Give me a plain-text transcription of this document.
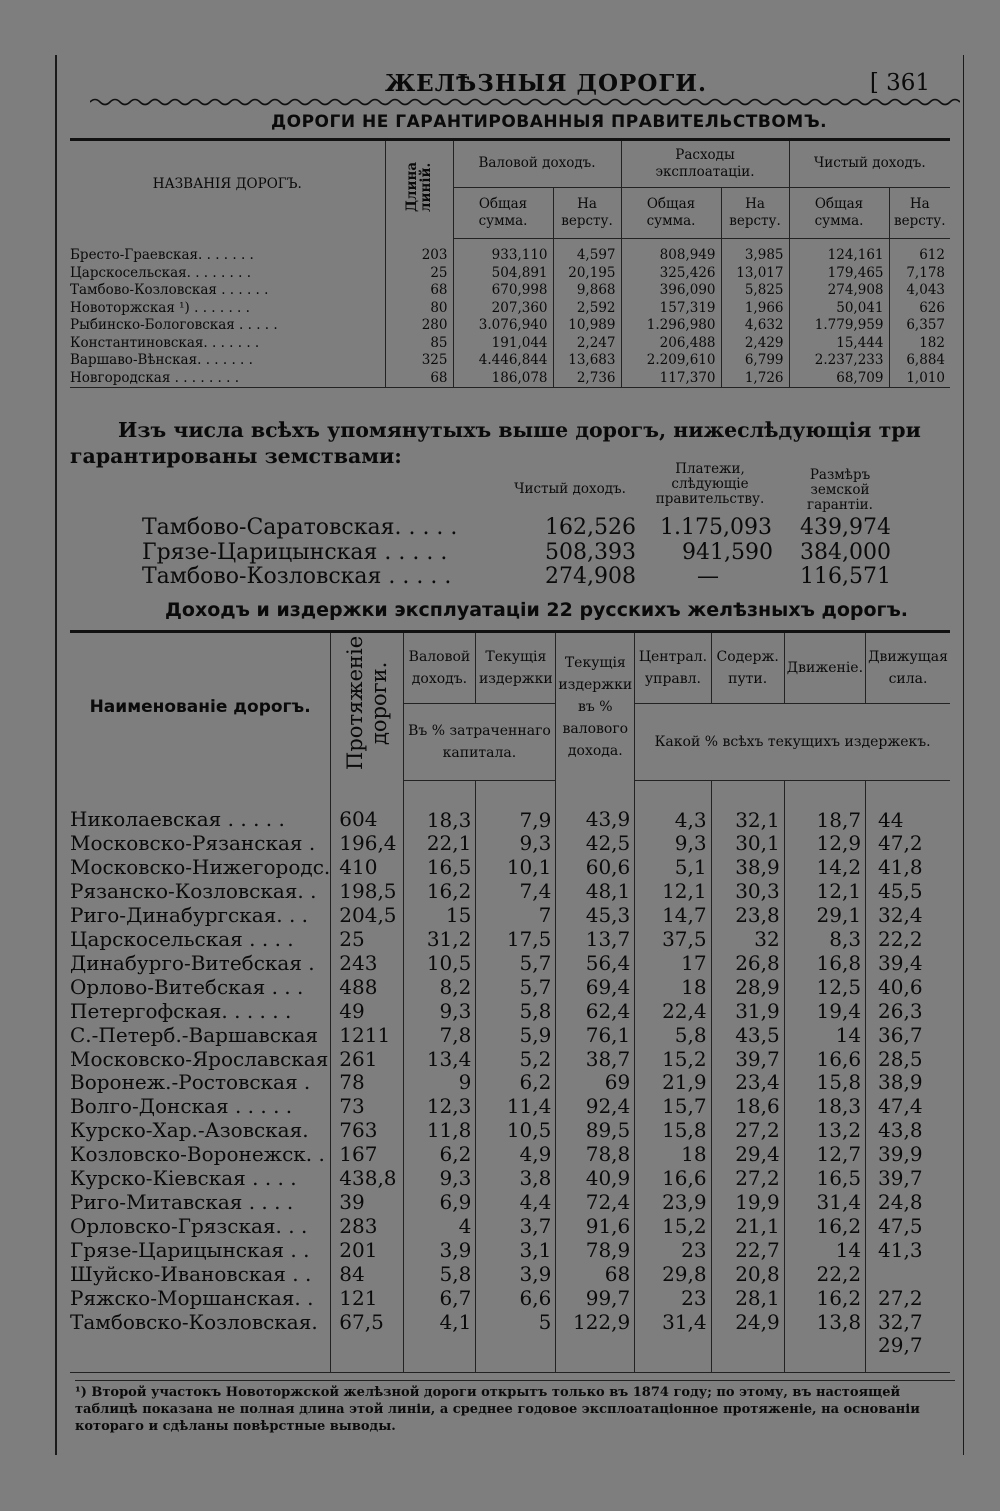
ЖЕЛѢЗНЫЯ ДОРОГИ.	[ 361
ДОРОГИ НЕ ГАРАНТИРОВАННЫЯ ПРАВИТЕЛЬСТВОМЪ.
НАЗВАНІЯ ДОРОГЪ.	Длина линій.	Валовой доходъ.		Расходы эксплоатаціи.		Чистый доходъ.	
		Общая сумма.	На версту.	Общая сумма.	На версту.	Общая сумма.	На версту.
Бресто-Граевская. . . . . . .	203	933,110	4,597	808,949	3,985	124,161	612
Царскосельская. . . . . . . .	25	504,891	20,195	325,426	13,017	179,465	7,178
Тамбово-Козловская . . . . . .	68	670,998	9,868	396,090	5,825	274,908	4,043
Новоторжская ¹) . . . . . . .	80	207,360	2,592	157,319	1,966	50,041	626
Рыбинско-Бологовская . . . . .	280	3.076,940	10,989	1.296,980	4,632	1.779,959	6,357
Константиновская. . . . . . .	85	191,044	2,247	206,488	2,429	15,444	182
Варшаво-Вѣнская. . . . . . .	325	4.446,844	13,683	2.209,610	6,799	2.237,233	6,884
Новгородская . . . . . . . .	68	186,078	2,736	117,370	1,726	68,709	1,010
Изъ числа всѣхъ упомянутыхъ выше дорогъ, нижеслѣдующія три гарантированы земствами:
Чистый доходъ.
Платежи, слѣдующіе правительству.
Размѣръ земской гарантіи.
Тамбово-Саратовская. . . . .	162,526 1.175,093 439,974
Грязе-Царицынская . . . . .	508,393 941,590 384,000
Тамбово-Козловская . . . . .	274,908	—	116,571
Доходъ и издержки эксплуатаціи 22 русскихъ желѣзныхъ дорогъ.
Наименованіе дорогъ.	Протяженіе дороги.	Валовой доходъ.	Текущія издержки	Текущія издержки въ % валового дохода.	Централ. управл.	Содерж. пути.	Движеніе.	Движущая сила.
		Въ % затраченнаго капитала.			Какой % всѣхъ текущихъ издержекъ.			
Николаевская . . . . .	604	18,3	7,9	43,9	4,3	32,1	18,7	44
Московско-Рязанская .	196,4	22,1	9,3	42,5	9,3	30,1	12,9	47,2
Московско-Нижегородс.	410	16,5	10,1	60,6	5,1	38,9	14,2	41,8
Рязанско-Козловская. .	198,5	16,2	7,4	48,1	12,1	30,3	12,1	45,5
Риго-Динабургская. . .	204,5	15	7	45,3	14,7	23,8	29,1	32,4
Царскосельская . . . .	25	31,2	17,5	13,7	37,5	32	8,3	22,2
Динабурго-Витебская .	243	10,5	5,7	56,4	17	26,8	16,8	39,4
Орлово-Витебская . . .	488	8,2	5,7	69,4	18	28,9	12,5	40,6
Петергофская. . . . . .	49	9,3	5,8	62,4	22,4	31,9	19,4	26,3
С.-Петерб.-Варшавская	1211	7,8	5,9	76,1	5,8	43,5	14	36,7
Московско-Ярославская	261	13,4	5,2	38,7	15,2	39,7	16,6	28,5
Воронеж.-Ростовская .	78	9	6,2	69	21,9	23,4	15,8	38,9
Волго-Донская . . . . .	73	12,3	11,4	92,4	15,7	18,6	18,3	47,4
Курско-Хар.-Азовская.	763	11,8	10,5	89,5	15,8	27,2	13,2	43,8
Козловско-Воронежск. .	167	6,2	4,9	78,8	18	29,4	12,7	39,9
Курско-Кіевская . . . .	438,8	9,3	3,8	40,9	16,6	27,2	16,5	39,7
Риго-Митавская . . . .	39	6,9	4,4	72,4	23,9	19,9	31,4	24,8
Орловско-Грязская. . .	283	4	3,7	91,6	15,2	21,1	16,2	47,5
Грязе-Царицынская . .	201	3,9	3,1	78,9	23	22,7	14	41,3
Шуйско-Ивановская . .	84	5,8	3,9	68	29,8	20,8	22,2	
Ряжско-Моршанская. .	121	6,7	6,6	99,7	23	28,1	16,2	27,2
Тамбовско-Козловская.	67,5	4,1	5	122,9	31,4	24,9	13,8	32,7
								29,7
¹) Второй участокъ Новоторжской желѣзной дороги открытъ только въ 1874 году; по этому, въ настоящей таблицѣ показана не полная длина этой линіи, а среднее годовое эксплоатаціонное протяженіе, на основаніи котораго и сдѣланы повѣрстные выводы.
